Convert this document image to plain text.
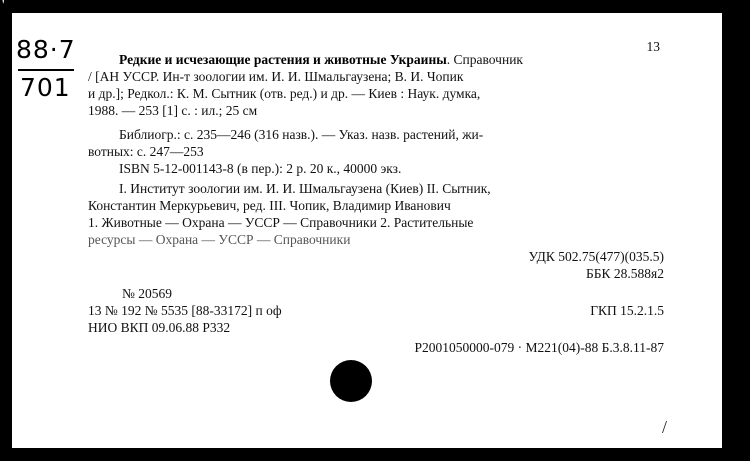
88·7
701
13
Редкие и исчезающие растения и животные Украины. Справочник
/ [АН УССР. Ин-т зоологии им. И. И. Шмальгаузена; В. И. Чопик
и др.]; Редкол.: К. М. Сытник (отв. ред.) и др. — Киев : Наук. думка,
1988. — 253 [1] с. : ил.; 25 см
Библиогр.: с. 235—246 (316 назв.). — Указ. назв. растений, жи-
вотных: с. 247—253
ISBN 5-12-001143-8 (в пер.): 2 р. 20 к., 40000 экз.
I. Институт зоологии им. И. И. Шмальгаузена (Киев) II. Сытник,
Константин Меркурьевич, ред. III. Чопик, Владимир Иванович
1. Животные — Охрана — УССР — Справочники 2. Растительные
ресурсы — Охрана — УССР — Справочники
УДК 502.75(477)(035.5)
ББК 28.588я2
№ 20569
13 № 192 № 5535 [88-33172] п оф	ГКП 15.2.1.5
НИО ВКП 09.06.88 Р332
Р2001050000-079 · М221(04)-88 Б.3.8.11-87
/
'
